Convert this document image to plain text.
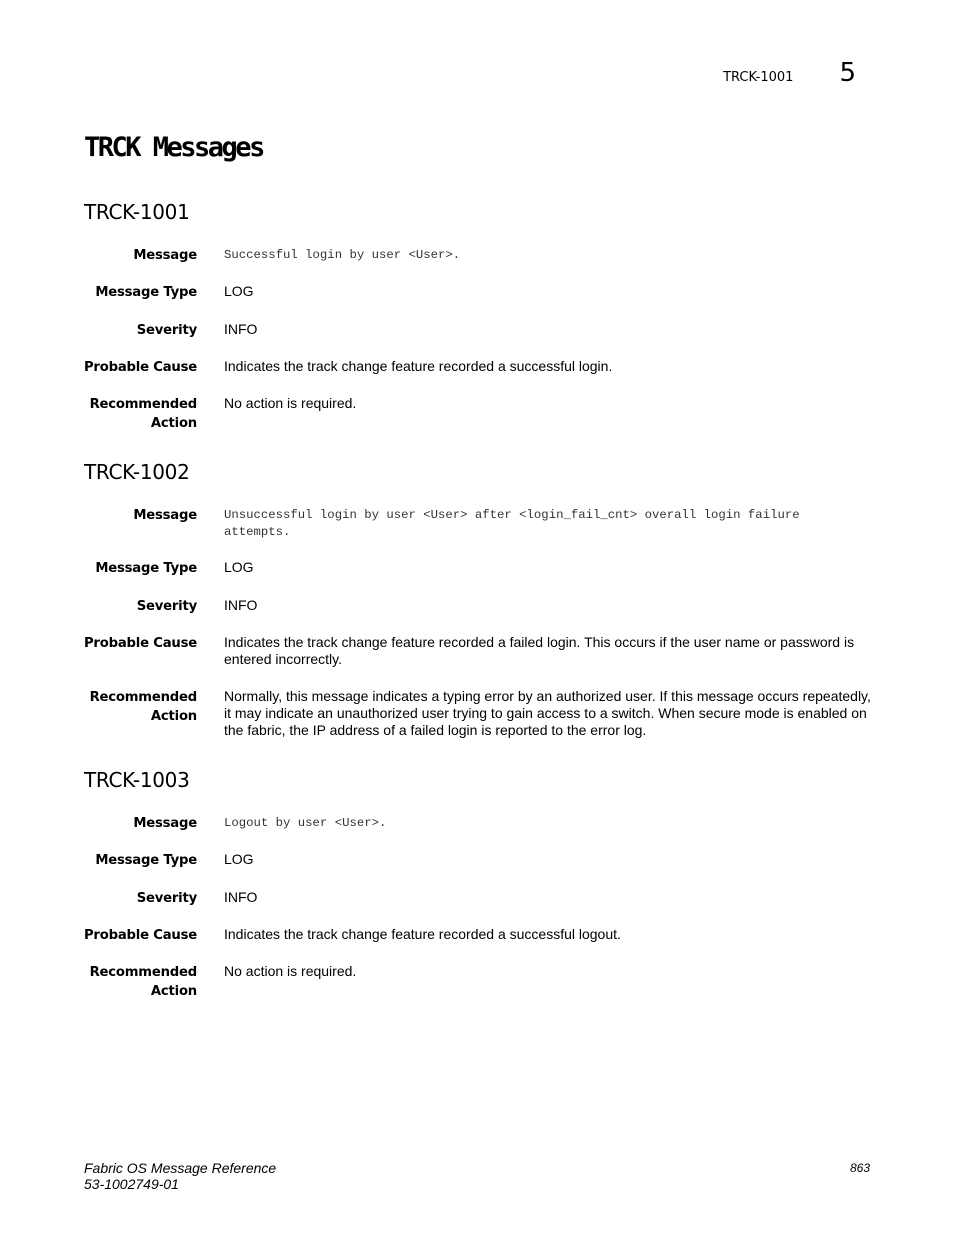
TRCK-1001 5
TRCK Messages
TRCK-1001
Message Successful login by user <User>.
Message Type LOG
Severity INFO
Probable Cause Indicates the track change feature recorded a successful login.
Recommended
Action
No action is required.
TRCK-1002
Message Unsuccessful login by user <User> after <login_fail_cnt> overall login failure attempts.
Message Type LOG
Severity INFO
Probable Cause Indicates the track change feature recorded a failed login. This occurs if the user name or password is entered incorrectly.
Recommended
Action
Normally, this message indicates a typing error by an authorized user. If this message occurs repeatedly, it may indicate an unauthorized user trying to gain access to a switch. When secure mode is enabled on the fabric, the IP address of a failed login is reported to the error log.
TRCK-1003
Message Logout by user <User>.
Message Type LOG
Severity INFO
Probable Cause Indicates the track change feature recorded a successful logout.
Recommended
Action
No action is required.
Fabric OS Message Reference
53-1002749-01
863
